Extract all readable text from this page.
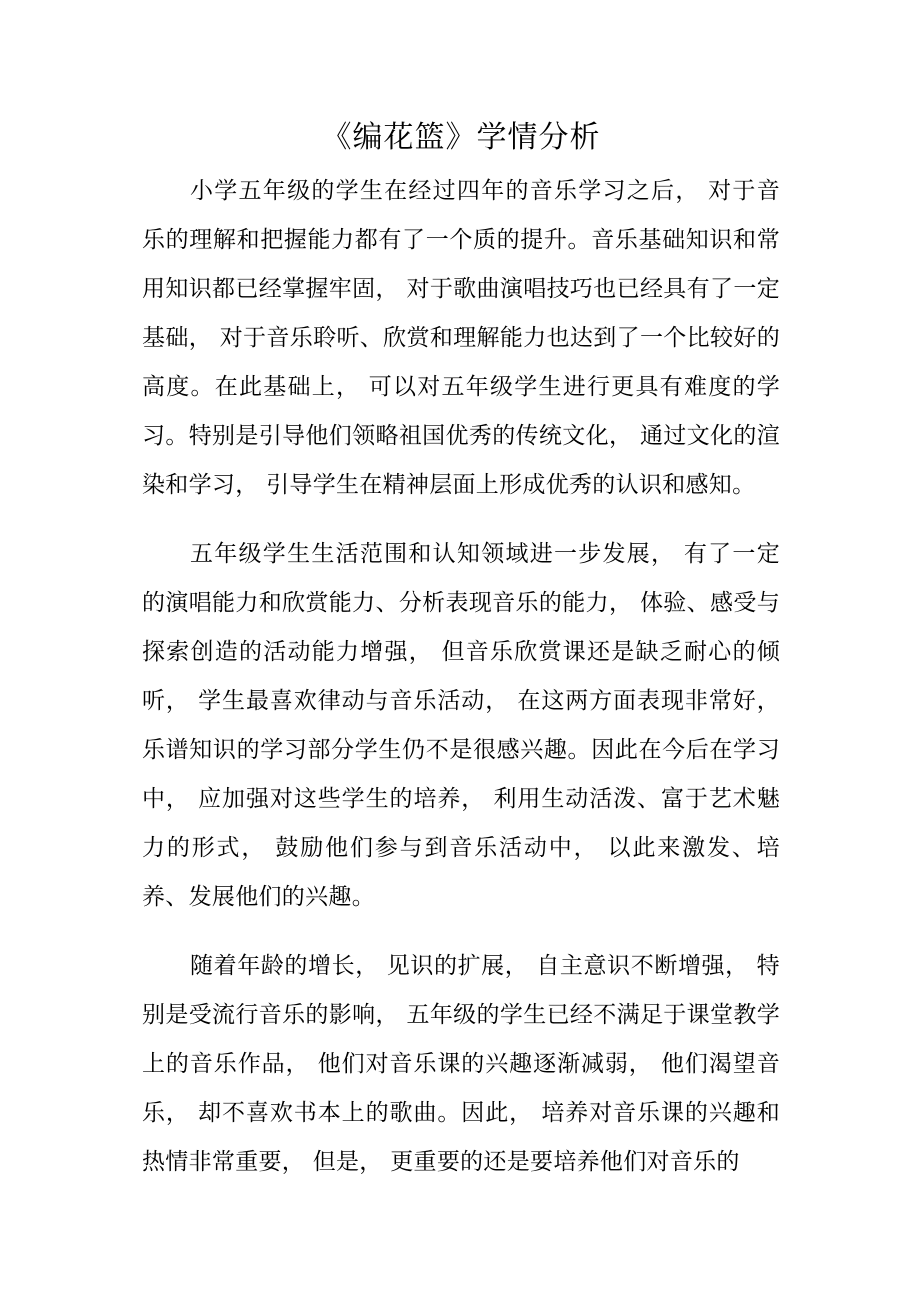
《编花篮》学情分析

小学五年级的学生在经过四年的音乐学习之后， 对于音乐的理解和把握能力都有了一个质的提升。音乐基础知识和常用知识都已经掌握牢固， 对于歌曲演唱技巧也已经具有了一定基础， 对于音乐聆听、欣赏和理解能力也达到了一个比较好的高度。在此基础上， 可以对五年级学生进行更具有难度的学习。特别是引导他们领略祖国优秀的传统文化， 通过文化的渲染和学习， 引导学生在精神层面上形成优秀的认识和感知。

五年级学生生活范围和认知领域进一步发展， 有了一定的演唱能力和欣赏能力、分析表现音乐的能力， 体验、感受与探索创造的活动能力增强， 但音乐欣赏课还是缺乏耐心的倾听， 学生最喜欢律动与音乐活动， 在这两方面表现非常好，乐谱知识的学习部分学生仍不是很感兴趣。因此在今后在学习中， 应加强对这些学生的培养， 利用生动活泼、富于艺术魅力的形式， 鼓励他们参与到音乐活动中， 以此来激发、培养、发展他们的兴趣。

随着年龄的增长， 见识的扩展， 自主意识不断增强， 特别是受流行音乐的影响， 五年级的学生已经不满足于课堂教学上的音乐作品， 他们对音乐课的兴趣逐渐减弱， 他们渴望音乐， 却不喜欢书本上的歌曲。因此， 培养对音乐课的兴趣和热情非常重要， 但是， 更重要的还是要培养他们对音乐的
